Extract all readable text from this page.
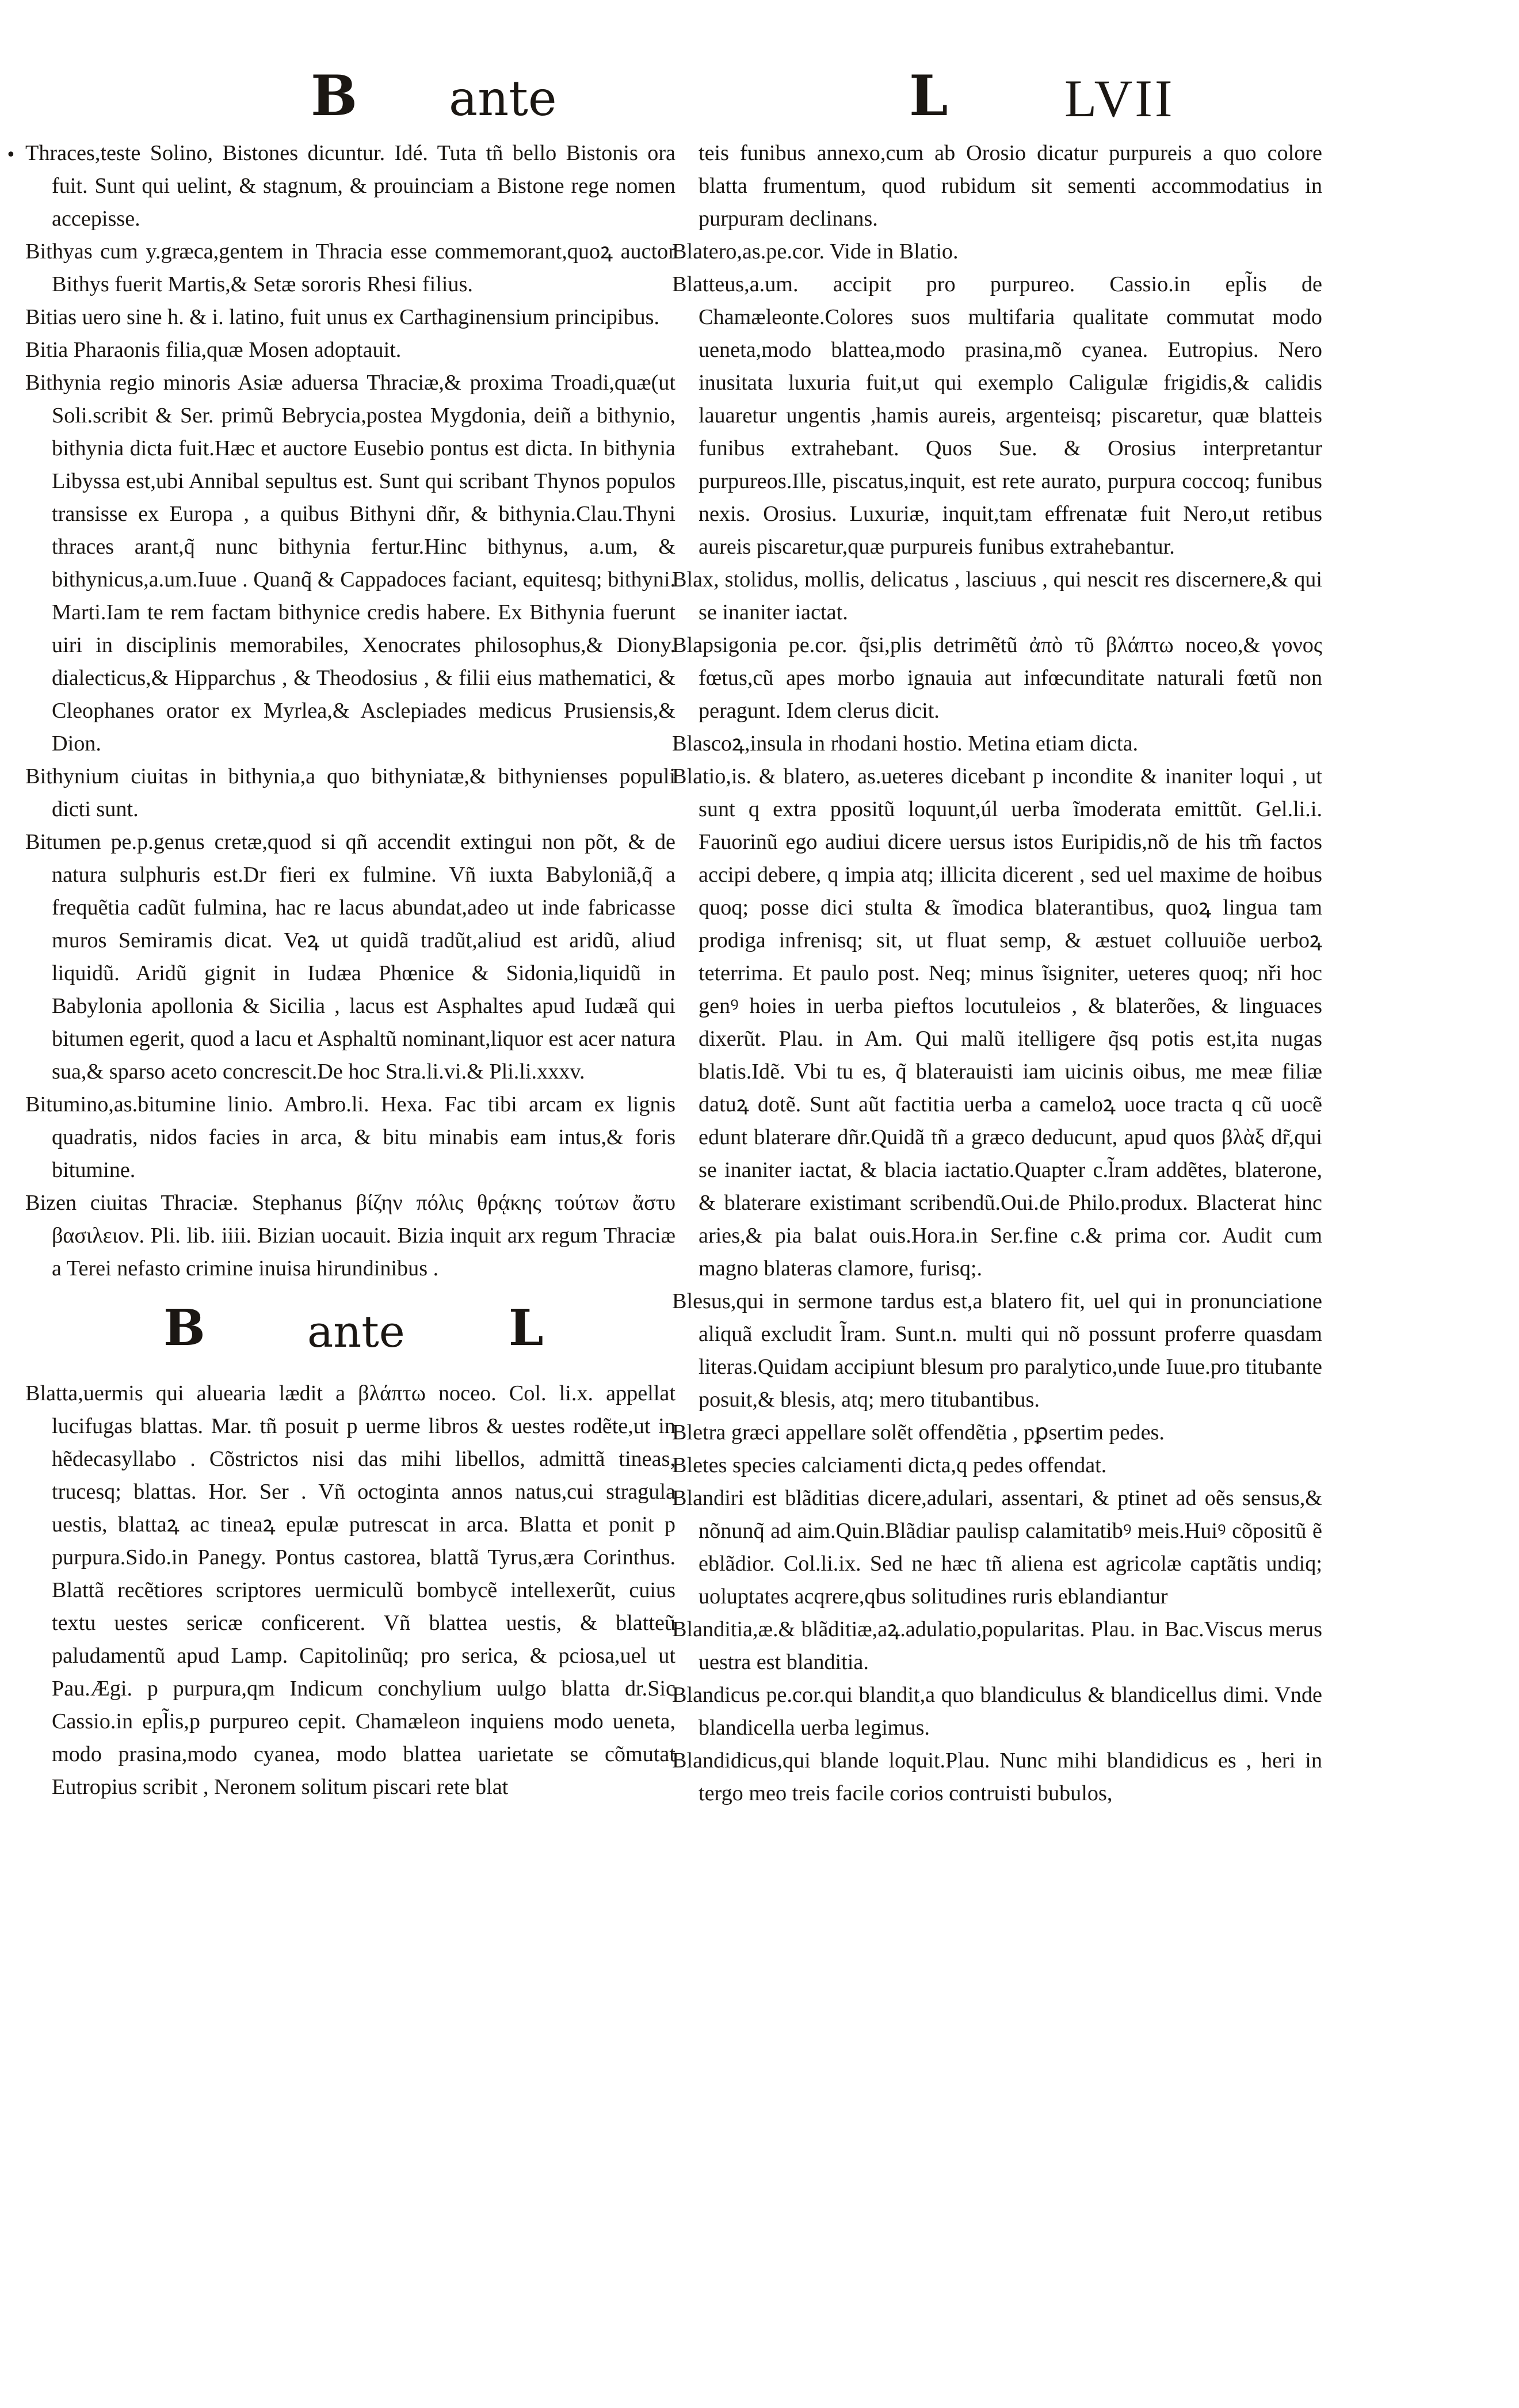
B ante	L LVII
• Thraces,teste Solino, Bistones dicuntur. Idé. Tuta tñ bello Bistonis ora fuit. Sunt qui uelint, & stagnum, & prouinciam a Bistone rege nomen accepisse.

Bithyas cum y.græca,gentem in Thracia esse commemorant,quoꝝ auctor Bithys fuerit Martis,& Setæ sororis Rhesi filius.

Bitias uero sine h. & i. latino, fuit unus ex Carthaginensium principibus.

Bitia Pharaonis filia,quæ Mosen adoptauit.

Bithynia regio minoris Asiæ aduersa Thraciæ,& proxima Troadi,quæ(ut Soli.scribit & Ser. primũ Bebrycia,postea Mygdonia, deiñ a bithynio, bithynia dicta fuit.Hæc et auctore Eusebio pontus est dicta. In bithynia Libyssa est,ubi Annibal sepultus est. Sunt qui scribant Thynos populos transisse ex Europa , a quibus Bithyni dñr, & bithynia.Clau.Thyni thraces arant,q̃ nunc bithynia fertur.Hinc bithynus, a.um, & bithynicus,a.um.Iuue . Quanq̃ & Cappadoces faciant, equitesq; bithyni. Marti.Iam te rem factam bithynice credis habere. Ex Bithynia fuerunt uiri in disciplinis memorabiles, Xenocrates philosophus,& Diony. dialecticus,& Hipparchus , & Theodosius , & filii eius mathematici, & Cleophanes orator ex Myrlea,& Asclepiades medicus Prusiensis,& Dion.

Bithynium ciuitas in bithynia,a quo bithyniatæ,& bithynienses populi dicti sunt.

Bitumen pe.p.genus cretæ,quod si qñ accendit extingui non põt, & de natura sulphuris est.Dr fieri ex fulmine. Vñ iuxta Babyloniã,q̃ a frequẽtia cadũt fulmina, hac re lacus abundat,adeo ut inde fabricasse muros Semiramis dicat. Veꝝ ut quidã tradũt,aliud est aridũ, aliud liquidũ. Aridũ gignit in Iudæa Phœnice & Sidonia,liquidũ in Babylonia apollonia & Sicilia , lacus est Asphaltes apud Iudæã qui bitumen egerit, quod a lacu et Asphaltũ nominant,liquor est acer natura sua,& sparso aceto concrescit.De hoc Stra.li.vi.& Pli.li.xxxv.

Bitumino,as.bitumine linio. Ambro.li. Hexa. Fac tibi arcam ex lignis quadratis, nidos facies in arca, & bitu minabis eam intus,& foris bitumine.

Bizen ciuitas Thraciæ. Stephanus βίζην πόλις θρᾴκης τούτων ἄστυ βασιλειον. Pli. lib. iiii. Bizian uocauit. Bizia inquit arx regum Thraciæ a Terei nefasto crimine inuisa hirundinibus .

B ante L

Blatta,uermis qui aluearia lædit a βλάπτω noceo. Col. li.x. appellat lucifugas blattas. Mar. tñ posuit p uerme libros & uestes rodẽte,ut in hẽdecasyllabo . Cõstrictos nisi das mihi libellos, admittã tineas, trucesq; blattas. Hor. Ser . Vñ octoginta annos natus,cui stragula uestis, blattaꝝ ac tineaꝝ epulæ putrescat in arca. Blatta et ponit p purpura.Sido.in Panegy. Pontus castorea, blattã Tyrus,æra Corinthus. Blattã recẽtiores scriptores uermiculũ bombycẽ intellexerũt, cuius textu uestes sericæ conficerent. Vñ blattea uestis, & blatteũ paludamentũ apud Lamp. Capitolinũq; pro serica, & pciosa,uel ut Pau.Ægi. p purpura,qm Indicum conchylium uulgo blatta dr.Sic Cassio.in epl̃is,p purpureo cepit. Chamæleon inquiens modo ueneta, modo prasina,modo cyanea, modo blattea uarietate se cõmutat Eutropius scribit , Neronem solitum piscari rete blat

teis funibus annexo,cum ab Orosio dicatur purpureis a quo colore blatta frumentum, quod rubidum sit sementi accommodatius in purpuram declinans.

Blatero,as.pe.cor. Vide in Blatio.

Blatteus,a.um. accipit pro purpureo. Cassio.in epl̃is de Chamæleonte.Colores suos multifaria qualitate commutat modo ueneta,modo blattea,modo prasina,mõ cyanea. Eutropius. Nero inusitata luxuria fuit,ut qui exemplo Caligulæ frigidis,& calidis lauaretur ungentis ,hamis aureis, argenteisq; piscaretur, quæ blatteis funibus extrahebant. Quos Sue. & Orosius interpretantur purpureos.Ille, piscatus,inquit, est rete aurato, purpura coccoq; funibus nexis. Orosius. Luxuriæ, inquit,tam effrenatæ fuit Nero,ut retibus aureis piscaretur,quæ purpureis funibus extrahebantur.

Blax, stolidus, mollis, delicatus , lasciuus , qui nescit res discernere,& qui se inaniter iactat.

Blapsigonia pe.cor. q̃si,plis detrimẽtũ ἀπὸ τῦ βλάπτω noceo,& γονος fœtus,cũ apes morbo ignauia aut infœcunditate naturali fœtũ non peragunt. Idem clerus dicit.

Blascoꝝ,insula in rhodani hostio. Metina etiam dicta.

Blatio,is. & blatero, as.ueteres dicebant p incondite & inaniter loqui , ut sunt q extra ppositũ loquunt,úl uerba ĩmoderata emittũt. Gel.li.i. Fauorinũ ego audiui dicere uersus istos Euripidis,nõ de his tm̃ factos accipi debere, q impia atq; illicita dicerent , sed uel maxime de hoibus quoq; posse dici stulta & ĩmodica blaterantibus, quoꝝ lingua tam prodiga infrenisq; sit, ut fluat semp, & æstuet colluuiõe uerboꝝ teterrima. Et paulo post. Neq; minus ĩsigniter, ueteres quoq; nři hoc genꝰ hoies in uerba pieftos locutuleios , & blaterões, & linguaces dixerũt. Plau. in Am. Qui malũ itelligere q̃sq potis est,ita nugas blatis.Idẽ. Vbi tu es, q̃ blaterauisti iam uicinis oibus, me meæ filiæ datuꝝ dotẽ. Sunt aũt factitia uerba a cameloꝝ uoce tracta q cũ uocẽ edunt blaterare dñr.Quidã tñ a græco deducunt, apud quos βλὰξ dr̃,qui se inaniter iactat, & blacia iactatio.Quapter c.l̃ram addẽtes, blaterone, & blaterare existimant scribendũ.Oui.de Philo.produx. Blacterat hinc aries,& pia balat ouis.Hora.in Ser.fine c.& prima cor. Audit cum magno blateras clamore, furisq;.

Blesus,qui in sermone tardus est,a blatero fit, uel qui in pronunciatione aliquã excludit l̃ram. Sunt.n. multi qui nõ possunt proferre quasdam literas.Quidam accipiunt blesum pro paralytico,unde Iuue.pro titubante posuit,& blesis, atq; mero titubantibus.

Bletra græci appellare solẽt offendẽtia , pꝑsertim pedes.

Bletes species calciamenti dicta,q pedes offendat.

Blandiri est blãditias dicere,adulari, assentari, & ptinet ad oẽs sensus,& nõnunq̃ ad aim.Quin.Blãdiar paulisp calamitatibꝰ meis.Huiꝰ cõpositũ ẽ eblãdior. Col.li.ix. Sed ne hæc tñ aliena est agricolæ captãtis undiq; uoluptates acqrere,qbus solitudines ruris eblandiantur

Blanditia,æ.& blãditiæ,aꝝ.adulatio,popularitas. Plau. in Bac.Viscus merus uestra est blanditia.

Blandicus pe.cor.qui blandit,a quo blandiculus & blandicellus dimi. Vnde blandicella uerba legimus.

Blandidicus,qui blande loquit.Plau. Nunc mihi blandidicus es , heri in tergo meo treis facile corios contruisti bubulos,
